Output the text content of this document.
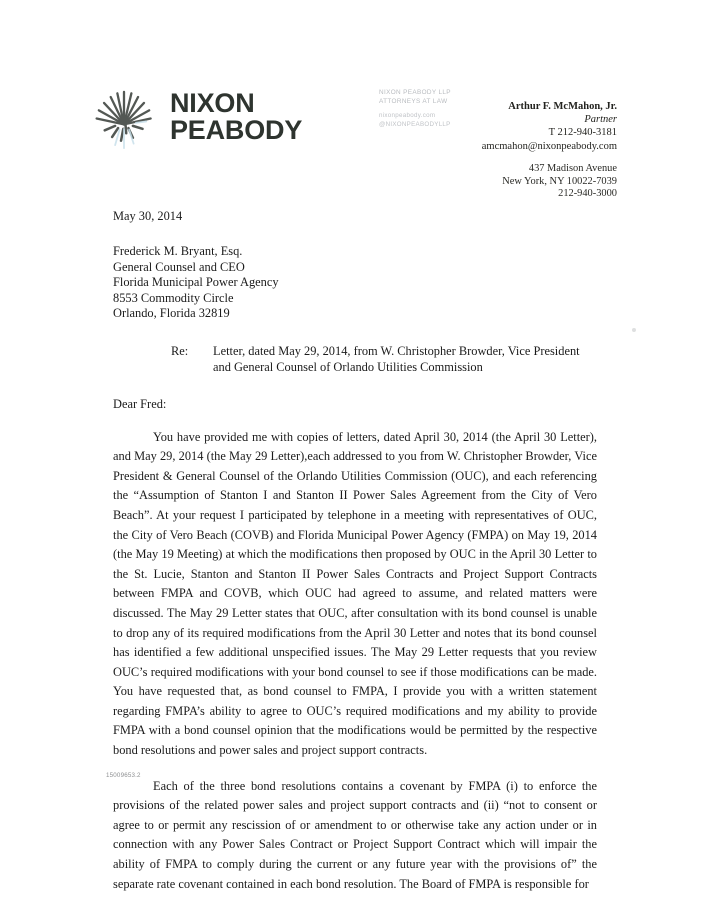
NIXON
PEABODY
NIXON PEABODY LLP
ATTORNEYS AT LAW
nixonpeabody.com
@NIXONPEABODYLLP
Arthur F. McMahon, Jr.
Partner
T 212-940-3181
amcmahon@nixonpeabody.com
437 Madison Avenue
New York, NY 10022-7039
212-940-3000
May 30, 2014
Frederick M. Bryant, Esq.
General Counsel and CEO
Florida Municipal Power Agency
8553 Commodity Circle
Orlando, Florida 32819
Re:	Letter, dated May 29, 2014, from W. Christopher Browder, Vice President and General Counsel of Orlando Utilities Commission
Dear Fred:

You have provided me with copies of letters, dated April 30, 2014 (the April 30 Letter), and May 29, 2014 (the May 29 Letter),each addressed to you from W. Christopher Browder, Vice President & General Counsel of the Orlando Utilities Commission (OUC), and each referencing the “Assumption of Stanton I and Stanton II Power Sales Agreement from the City of Vero Beach”. At your request I participated by telephone in a meeting with representatives of OUC, the City of Vero Beach (COVB) and Florida Municipal Power Agency (FMPA) on May 19, 2014 (the May 19 Meeting) at which the modifications then proposed by OUC in the April 30 Letter to the St. Lucie, Stanton and Stanton II Power Sales Contracts and Project Support Contracts between FMPA and COVB, which OUC had agreed to assume, and related matters were discussed. The May 29 Letter states that OUC, after consultation with its bond counsel is unable to drop any of its required modifications from the April 30 Letter and notes that its bond counsel has identified a few additional unspecified issues. The May 29 Letter requests that you review OUC’s required modifications with your bond counsel to see if those modifications can be made. You have requested that, as bond counsel to FMPA, I provide you with a written statement regarding FMPA’s ability to agree to OUC’s required modifications and my ability to provide FMPA with a bond counsel opinion that the modifications would be permitted by the respective bond resolutions and power sales and project support contracts.

Each of the three bond resolutions contains a covenant by FMPA (i) to enforce the provisions of the related power sales and project support contracts and (ii) “not to consent or agree to or permit any rescission of or amendment to or otherwise take any action under or in connection with any Power Sales Contract or Project Support Contract which will impair the ability of FMPA to comply during the current or any future year with the provisions of” the separate rate covenant contained in each bond resolution. The Board of FMPA is responsible for

15009653.2
